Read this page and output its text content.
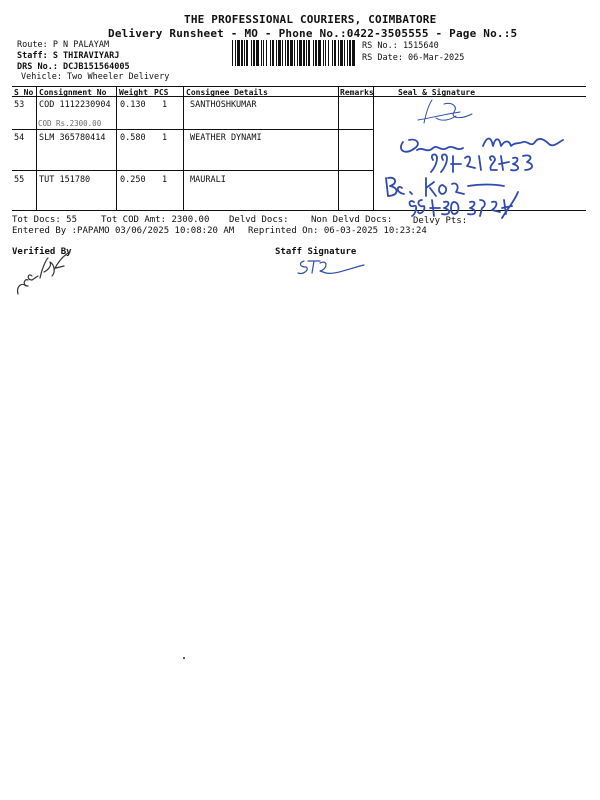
THE PROFESSIONAL COURIERS, COIMBATORE
Delivery Runsheet - MO - Phone No.:0422-3505555 - Page No.:5
Route: P N PALAYAM
Staff: S THIRAVIYARJ
DRS No.: DCJB151564005
Vehicle: Two Wheeler Delivery
RS No.: 1515640
RS Date: 06-Mar-2025
S No Consignment No Weight PCS Consignee Details	Remarks	Seal & Signature
53 COD 1112230904 0.130 1	SANTHOSHKUMAR
COD Rs.2300.00
54 SLM 365780414 0.580 1	WEATHER DYNAMI
55 TUT 151780	0.250 1	MAURALI
Tot Docs: 55	Tot COD Amt: 2300.00 Delvd Docs: Non Delvd Docs: Delvy Pts:
Entered By :PAPAMO 03/06/2025 10:08:20 AM Reprinted On: 06-03-2025 10:23:24
Verified By	Staff Signature
